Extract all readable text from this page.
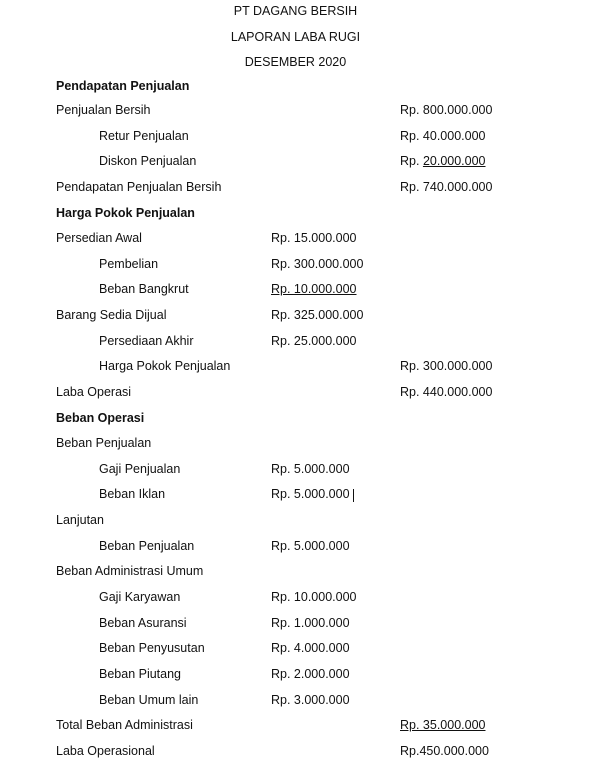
PT DAGANG BERSIH
LAPORAN LABA RUGI
DESEMBER 2020
Pendapatan Penjualan
Penjualan Bersih	Rp. 800.000.000
Retur Penjualan	Rp. 40.000.000
Diskon Penjualan	Rp. 20.000.000
Pendapatan Penjualan Bersih	Rp. 740.000.000
Harga Pokok Penjualan
Persedian Awal	Rp. 15.000.000
Pembelian	Rp. 300.000.000
Beban Bangkrut	Rp. 10.000.000
Barang Sedia Dijual	Rp. 325.000.000
Persediaan Akhir	Rp. 25.000.000
Harga Pokok Penjualan	Rp. 300.000.000
Laba Operasi	Rp. 440.000.000
Beban Operasi
Beban Penjualan
Gaji Penjualan	Rp. 5.000.000
Beban Iklan	Rp. 5.000.000
Lanjutan
Beban Penjualan	Rp. 5.000.000
Beban Administrasi Umum
Gaji Karyawan	Rp. 10.000.000
Beban Asuransi	Rp. 1.000.000
Beban Penyusutan	Rp. 4.000.000
Beban Piutang	Rp. 2.000.000
Beban Umum lain	Rp. 3.000.000
Total Beban Administrasi	Rp. 35.000.000
Laba Operasional	Rp.450.000.000
